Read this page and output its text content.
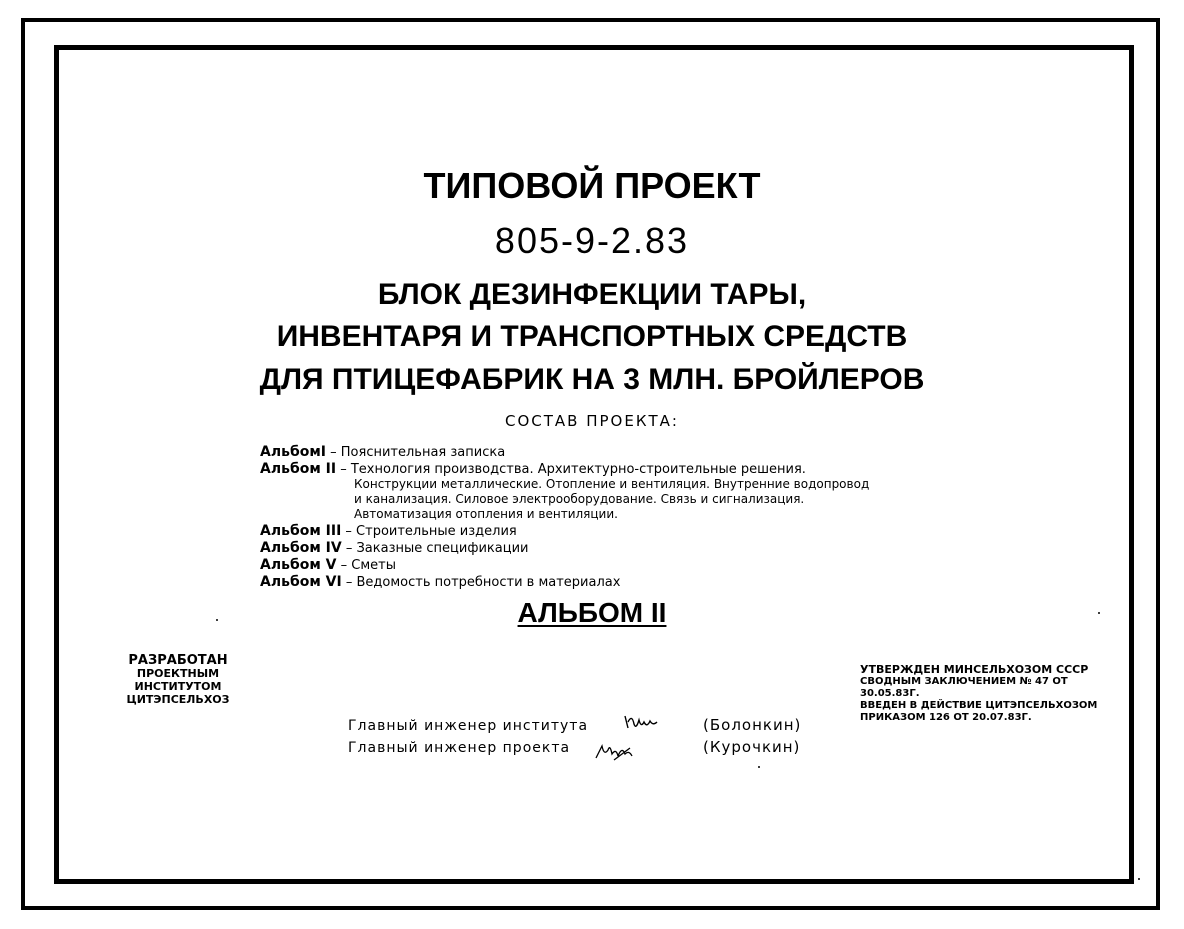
ТИПОВОЙ ПРОЕКТ
805-9-2.83
БЛОК ДЕЗИНФЕКЦИИ ТАРЫ,
ИНВЕНТАРЯ И ТРАНСПОРТНЫХ СРЕДСТВ
ДЛЯ ПТИЦЕФАБРИК НА 3 МЛН. БРОЙЛЕРОВ
СОСТАВ ПРОЕКТА:
АльбомI – Пояснительная записка
Альбом II – Технология производства. Архитектурно-строительные решения.
Конструкции металлические. Отопление и вентиляция. Внутренние водопровод
и канализация. Силовое электрооборудование. Связь и сигнализация.
Автоматизация отопления и вентиляции.
Альбом III – Строительные изделия
Альбом IV – Заказные спецификации
Альбом V – Сметы
Альбом VI – Ведомость потребности в материалах
АЛЬБОМ II
РАЗРАБОТАН
ПРОЕКТНЫМ ИНСТИТУТОМ
ЦИТЭПСЕЛЬХОЗ
УТВЕРЖДЕН МИНСЕЛЬХОЗОМ СССР
СВОДНЫМ ЗАКЛЮЧЕНИЕМ № 47 ОТ 30.05.83Г.
ВВЕДЕН В ДЕЙСТВИЕ ЦИТЭПСЕЛЬХОЗОМ
ПРИКАЗОМ 126 ОТ 20.07.83Г.
Главный инженер института	(Болонкин)
Главный инженер проекта	(Курочкин)
